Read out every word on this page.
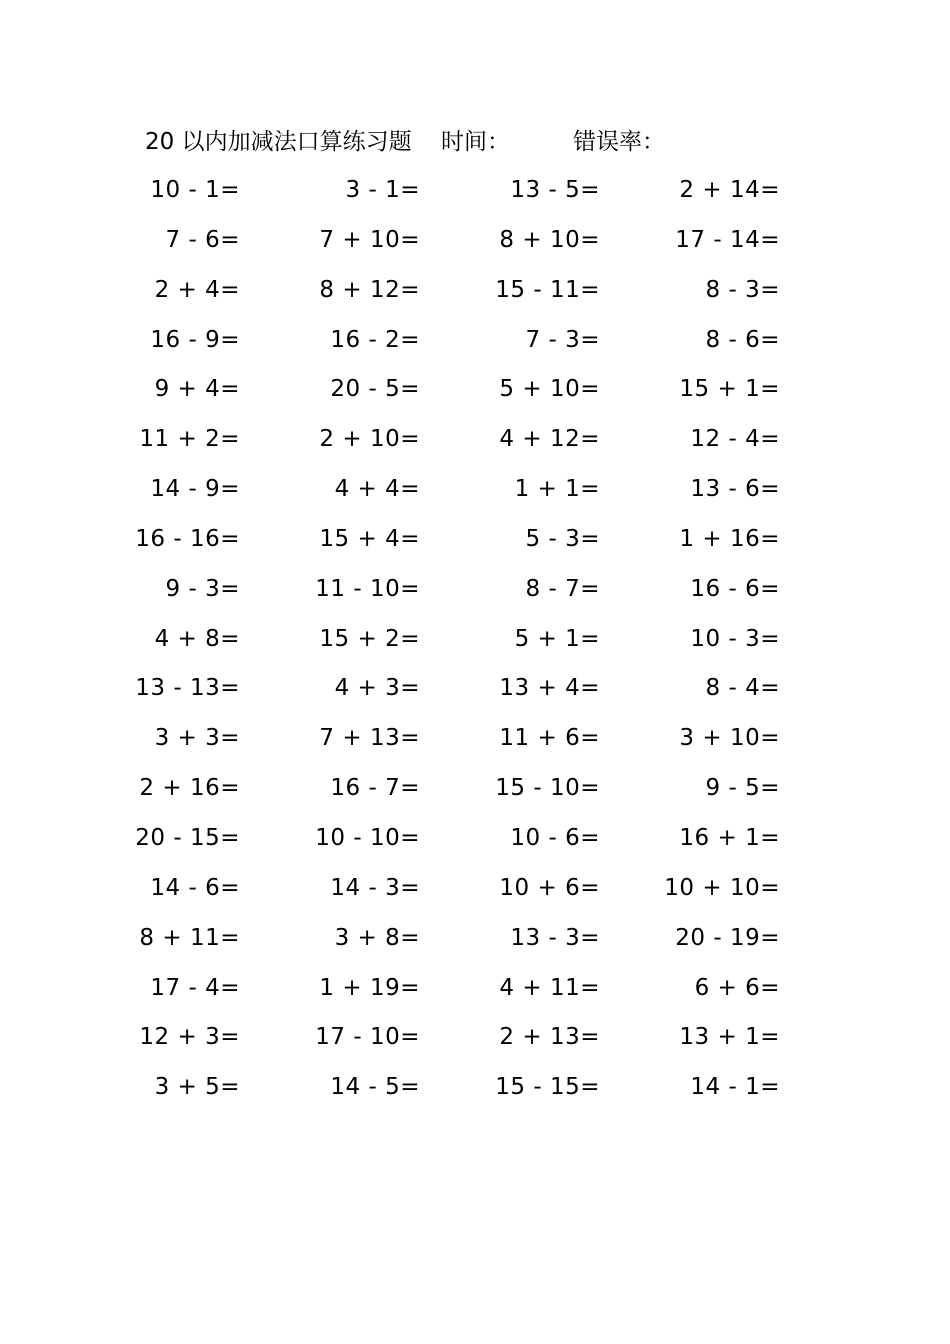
20 以内加减法口算练习题 时间：	错误率：
10 - 1=	3 - 1=	13 - 5=	2 + 14=
7 - 6=	7 + 10=	8 + 10=	17 - 14=
2 + 4=	8 + 12=	15 - 11=	8 - 3=
16 - 9=	16 - 2=	7 - 3=	8 - 6=
9 + 4=	20 - 5=	5 + 10=	15 + 1=
11 + 2=	2 + 10=	4 + 12=	12 - 4=
14 - 9=	4 + 4=	1 + 1=	13 - 6=
16 - 16=	15 + 4=	5 - 3=	1 + 16=
9 - 3=	11 - 10=	8 - 7=	16 - 6=
4 + 8=	15 + 2=	5 + 1=	10 - 3=
13 - 13=	4 + 3=	13 + 4=	8 - 4=
3 + 3=	7 + 13=	11 + 6=	3 + 10=
2 + 16=	16 - 7=	15 - 10=	9 - 5=
20 - 15=	10 - 10=	10 - 6=	16 + 1=
14 - 6=	14 - 3=	10 + 6=	10 + 10=
8 + 11=	3 + 8=	13 - 3=	20 - 19=
17 - 4=	1 + 19=	4 + 11=	6 + 6=
12 + 3=	17 - 10=	2 + 13=	13 + 1=
3 + 5=	14 - 5=	15 - 15=	14 - 1=
